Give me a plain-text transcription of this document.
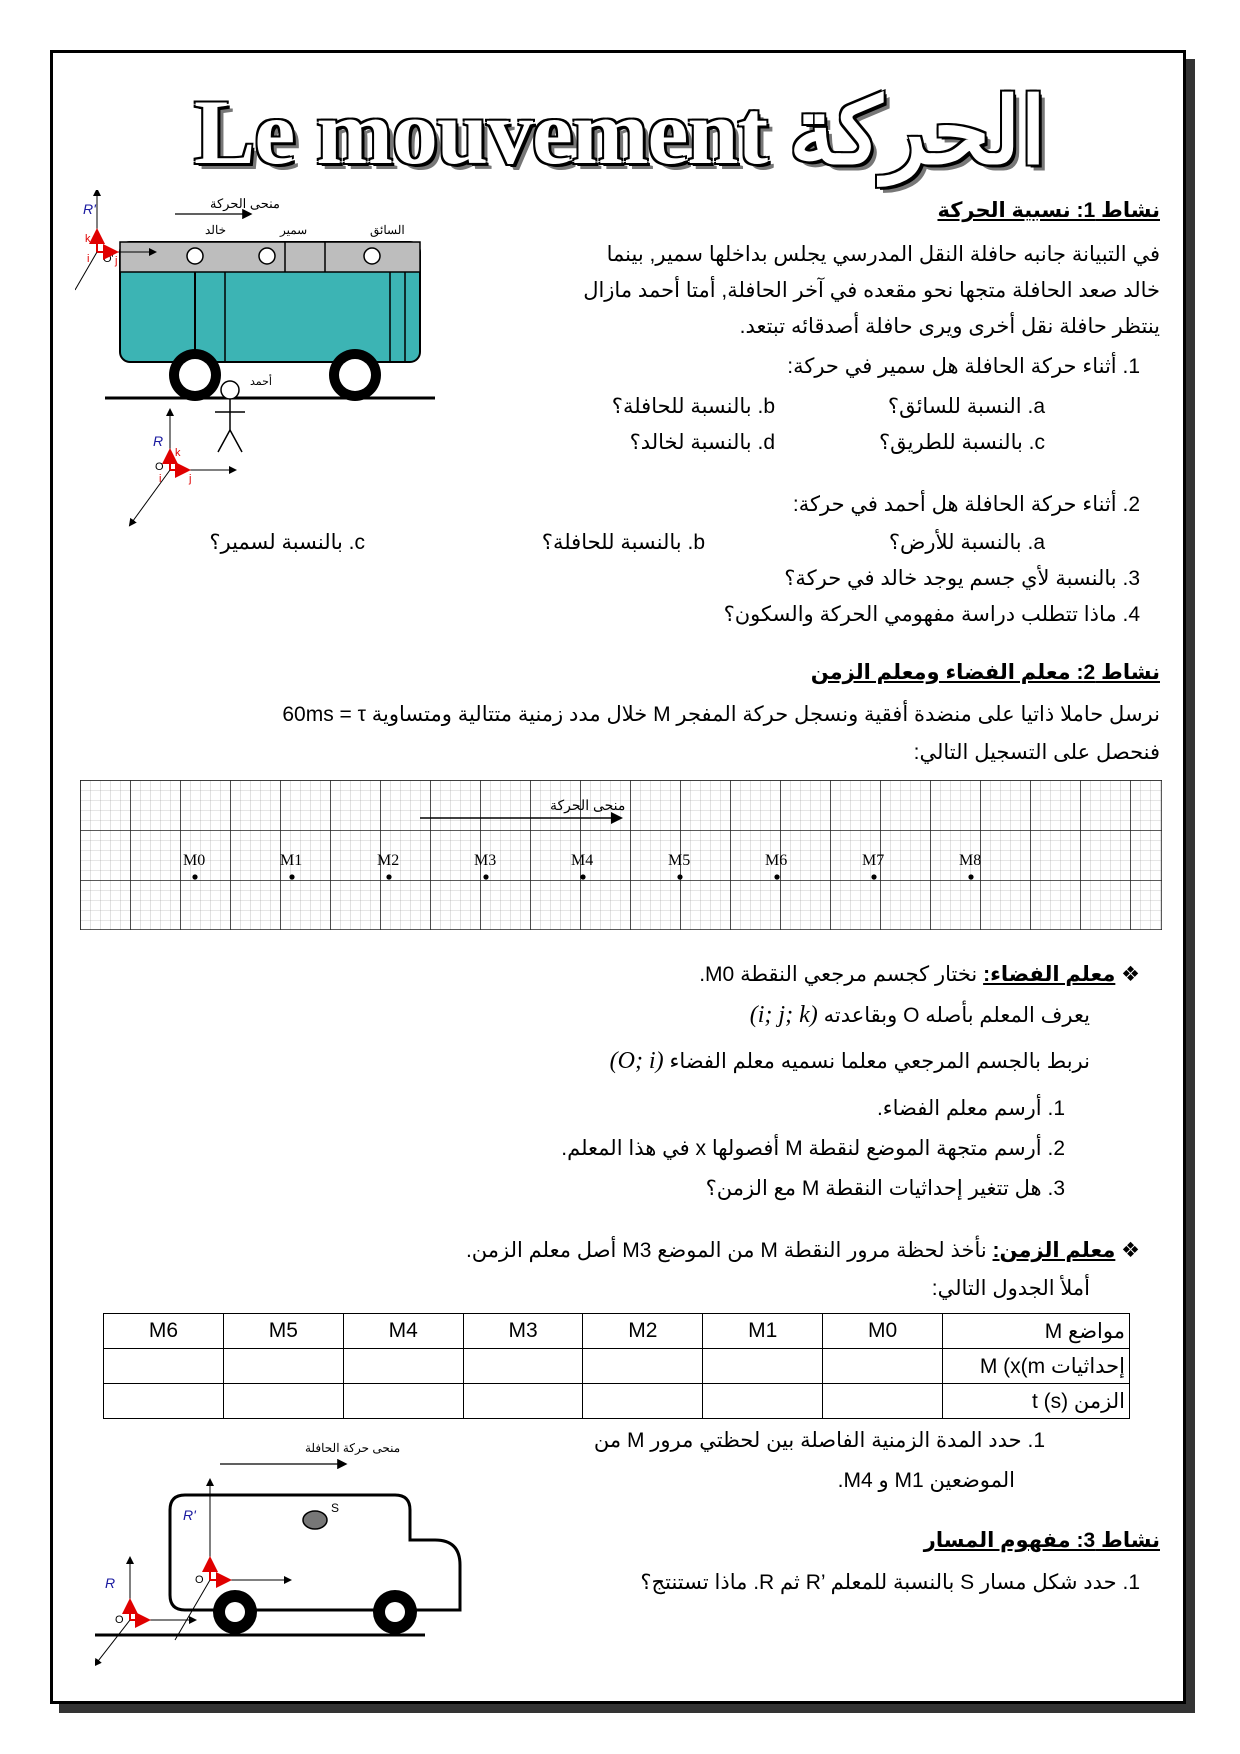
Le mouvement الحركة
نشاط 1: نسبية الحركة
في التبيانة جانبه حافلة النقل المدرسي يجلس بداخلها سمير, بينما
خالد صعد الحافلة متجها نحو مقعده في آخر الحافلة, أمتا أحمد مازال
ينتظر حافلة نقل أخرى ويرى حافلة أصدقائه تبتعد.
1. أثناء حركة الحافلة هل سمير في حركة:
a. النسبة للسائق؟
b. بالنسبة للحافلة؟
c. بالنسبة للطريق؟
d. بالنسبة لخالد؟
2. أثناء حركة الحافلة هل أحمد في حركة:
a. بالنسبة للأرض؟
b. بالنسبة للحافلة؟
c. بالنسبة لسمير؟
3. بالنسبة لأي جسم يوجد خالد في حركة؟
4. ماذا تتطلب دراسة مفهومي الحركة والسكون؟
منحى الحركة
خالد	سمير	السائق
R'
O'
k
i j
أحمد
R
O
k
i	j
نشاط 2: معلم الفضاء ومعلم الزمن
نرسل حاملا ذاتيا على منضدة أفقية ونسجل حركة المفجر M خلال مدد زمنية متتالية ومتساوية 60ms = τ
فنحصل على التسجيل التالي:
منحى الحركة
M0	M1	M2	M3	M4	M5	M6	M7	M8
❖ معلم الفضاء: نختار كجسم مرجعي النقطة M0.
يعرف المعلم بأصله O وبقاعدته (i; j; k)
نربط بالجسم المرجعي معلما نسميه معلم الفضاء (O; i)
1. أرسم معلم الفضاء.
2. أرسم متجهة الموضع لنقطة M أفصولها x في هذا المعلم.
3. هل تتغير إحداثيات النقطة M مع الزمن؟
❖ معلم الزمن: نأخذ لحظة مرور النقطة M من الموضع M3 أصل معلم الزمن.
أملأ الجدول التالي:
مواضع M	M0	M1	M2	M3	M4	M5	M6
إحداثيات M (x(m							
الزمن (t (s							
1. حدد المدة الزمنية الفاصلة بين لحظتي مرور M من
الموضعين M1 و M4.
نشاط 3: مفهوم المسار
1. حدد شكل مسار S بالنسبة للمعلم ’R ثم R. ماذا تستنتج؟
منحى حركة الحافلة
S
R'
O
R
O
